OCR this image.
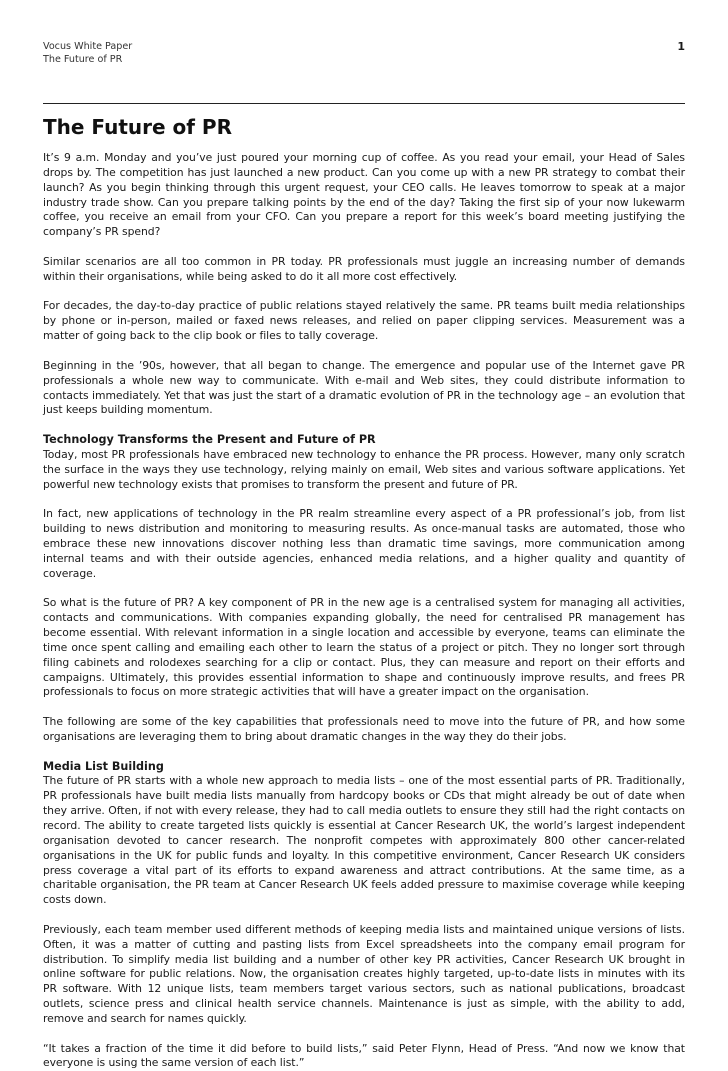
Vocus White Paper
The Future of PR
1
The Future of PR

It’s 9 a.m. Monday and you’ve just poured your morning cup of coffee. As you read your email, your Head of Sales drops by. The competition has just launched a new product. Can you come up with a new PR strategy to combat their launch? As you begin thinking through this urgent request, your CEO calls. He leaves tomorrow to speak at a major industry trade show. Can you prepare talking points by the end of the day? Taking the first sip of your now lukewarm coffee, you receive an email from your CFO. Can you prepare a report for this week’s board meeting justifying the company’s PR spend?

Similar scenarios are all too common in PR today. PR professionals must juggle an increasing number of demands within their organisations, while being asked to do it all more cost effectively.

For decades, the day-to-day practice of public relations stayed relatively the same. PR teams built media relationships by phone or in-person, mailed or faxed news releases, and relied on paper clipping services. Measurement was a matter of going back to the clip book or files to tally coverage.

Beginning in the ’90s, however, that all began to change. The emergence and popular use of the Internet gave PR professionals a whole new way to communicate. With e-mail and Web sites, they could distribute information to contacts immediately. Yet that was just the start of a dramatic evolution of PR in the technology age – an evolution that just keeps building momentum.

Technology Transforms the Present and Future of PR

Today, most PR professionals have embraced new technology to enhance the PR process. However, many only scratch the surface in the ways they use technology, relying mainly on email, Web sites and various software applications. Yet powerful new technology exists that promises to transform the present and future of PR.

In fact, new applications of technology in the PR realm streamline every aspect of a PR professional’s job, from list building to news distribution and monitoring to measuring results. As once-manual tasks are automated, those who embrace these new innovations discover nothing less than dramatic time savings, more communication among internal teams and with their outside agencies, enhanced media relations, and a higher quality and quantity of coverage.

So what is the future of PR? A key component of PR in the new age is a centralised system for managing all activities, contacts and communications. With companies expanding globally, the need for centralised PR management has become essential. With relevant information in a single location and accessible by everyone, teams can eliminate the time once spent calling and emailing each other to learn the status of a project or pitch. They no longer sort through filing cabinets and rolodexes searching for a clip or contact. Plus, they can measure and report on their efforts and campaigns. Ultimately, this provides essential information to shape and continuously improve results, and frees PR professionals to focus on more strategic activities that will have a greater impact on the organisation.

The following are some of the key capabilities that professionals need to move into the future of PR, and how some organisations are leveraging them to bring about dramatic changes in the way they do their jobs.

Media List Building

The future of PR starts with a whole new approach to media lists – one of the most essential parts of PR. Traditionally, PR professionals have built media lists manually from hardcopy books or CDs that might already be out of date when they arrive. Often, if not with every release, they had to call media outlets to ensure they still had the right contacts on record. The ability to create targeted lists quickly is essential at Cancer Research UK, the world’s largest independent organisation devoted to cancer research. The nonprofit competes with approximately 800 other cancer-related organisations in the UK for public funds and loyalty. In this competitive environment, Cancer Research UK considers press coverage a vital part of its efforts to expand awareness and attract contributions. At the same time, as a charitable organisation, the PR team at Cancer Research UK feels added pressure to maximise coverage while keeping costs down.

Previously, each team member used different methods of keeping media lists and maintained unique versions of lists. Often, it was a matter of cutting and pasting lists from Excel spreadsheets into the company email program for distribution. To simplify media list building and a number of other key PR activities, Cancer Research UK brought in online software for public relations. Now, the organisation creates highly targeted, up-to-date lists in minutes with its PR software. With 12 unique lists, team members target various sectors, such as national publications, broadcast outlets, science press and clinical health service channels. Maintenance is just as simple, with the ability to add, remove and search for names quickly.

“It takes a fraction of the time it did before to build lists,” said Peter Flynn, Head of Press. “And now we know that everyone is using the same version of each list.”
